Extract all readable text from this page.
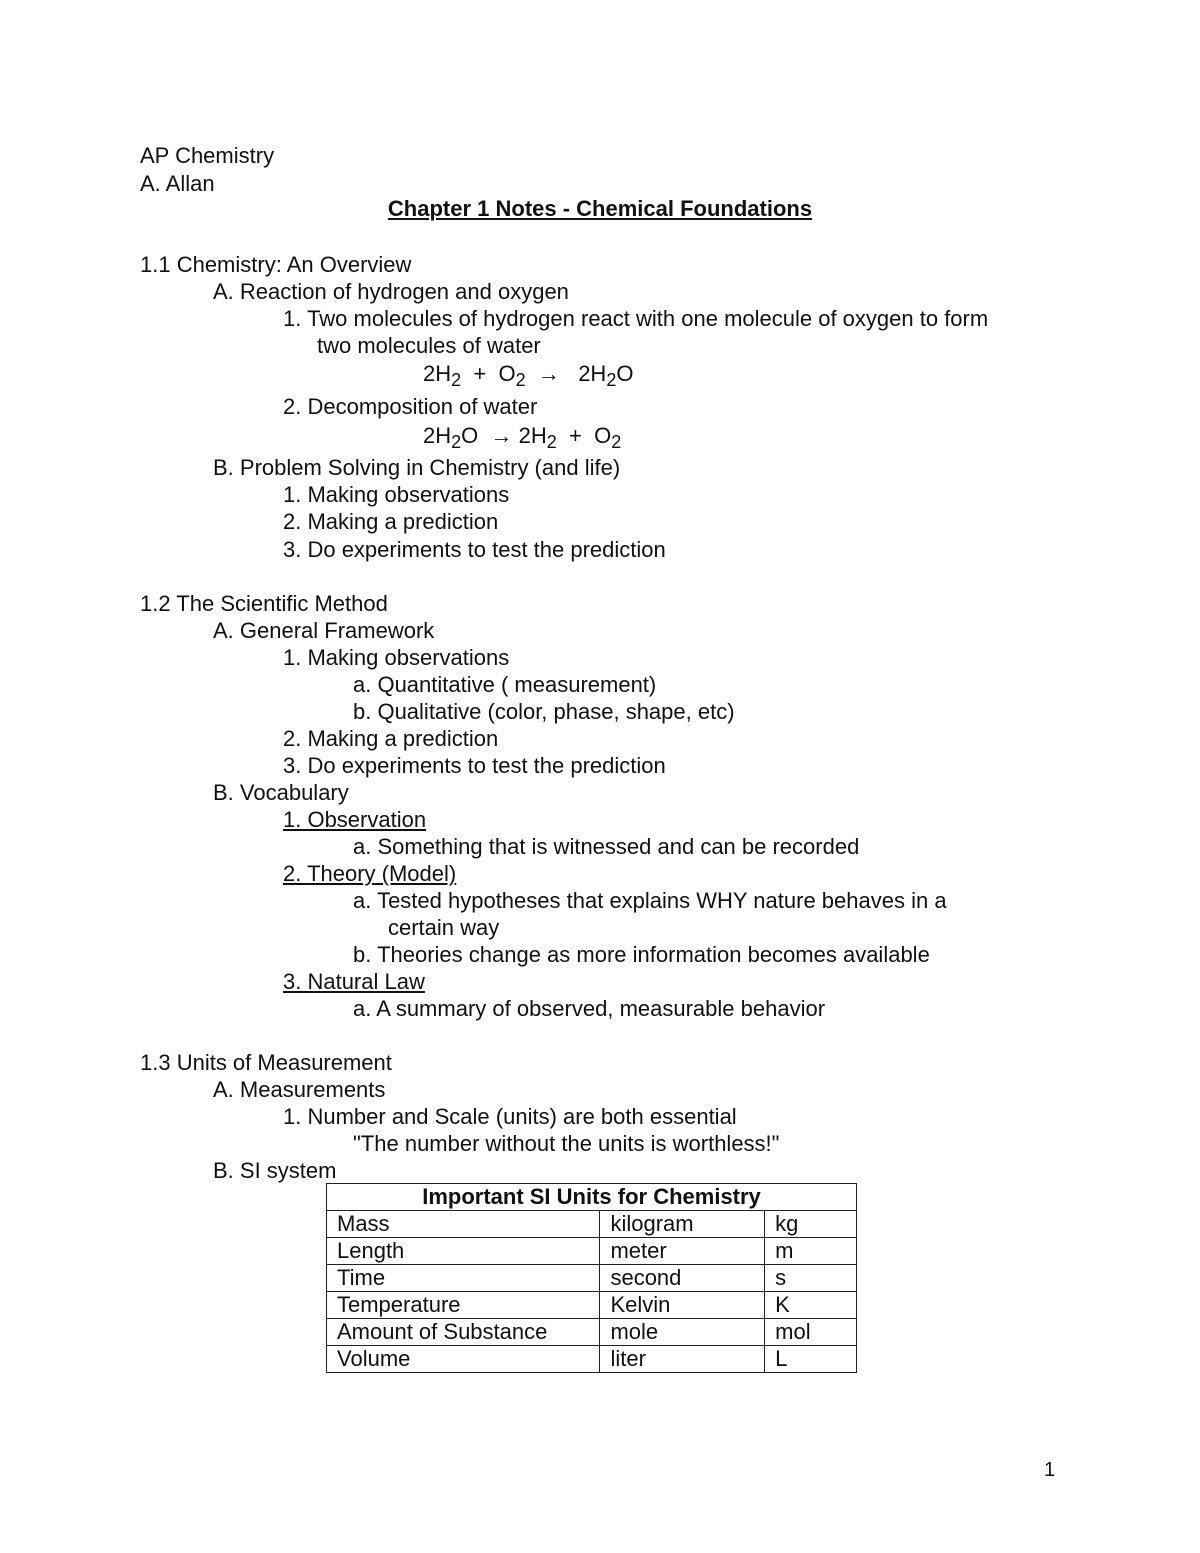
AP Chemistry
A. Allan
Chapter 1 Notes - Chemical Foundations
1.1 Chemistry: An Overview
A. Reaction of hydrogen and oxygen
1. Two molecules of hydrogen react with one molecule of oxygen to form
two molecules of water
$2H_2 + O_2 \to 2H_2O$
2. Decomposition of water
$2H_2O \to 2H_2 + O_2$
B. Problem Solving in Chemistry (and life)
1. Making observations
2. Making a prediction
3. Do experiments to test the prediction
1.2 The Scientific Method
A. General Framework
1. Making observations
a. Quantitative ( measurement)
b. Qualitative (color, phase, shape, etc)
2. Making a prediction
3. Do experiments to test the prediction
B. Vocabulary
1. Observation
a. Something that is witnessed and can be recorded
2. Theory (Model)
a. Tested hypotheses that explains WHY nature behaves in a
certain way
b. Theories change as more information becomes available
3. Natural Law
a. A summary of observed, measurable behavior
1.3 Units of Measurement
A. Measurements
1. Number and Scale (units) are both essential
"The number without the units is worthless!"
B. SI system
Important SI Units for Chemistry		
Mass	kilogram	kg
Length	meter	m
Time	second	s
Temperature	Kelvin	K
Amount of Substance	mole	mol
Volume	liter	L
1
